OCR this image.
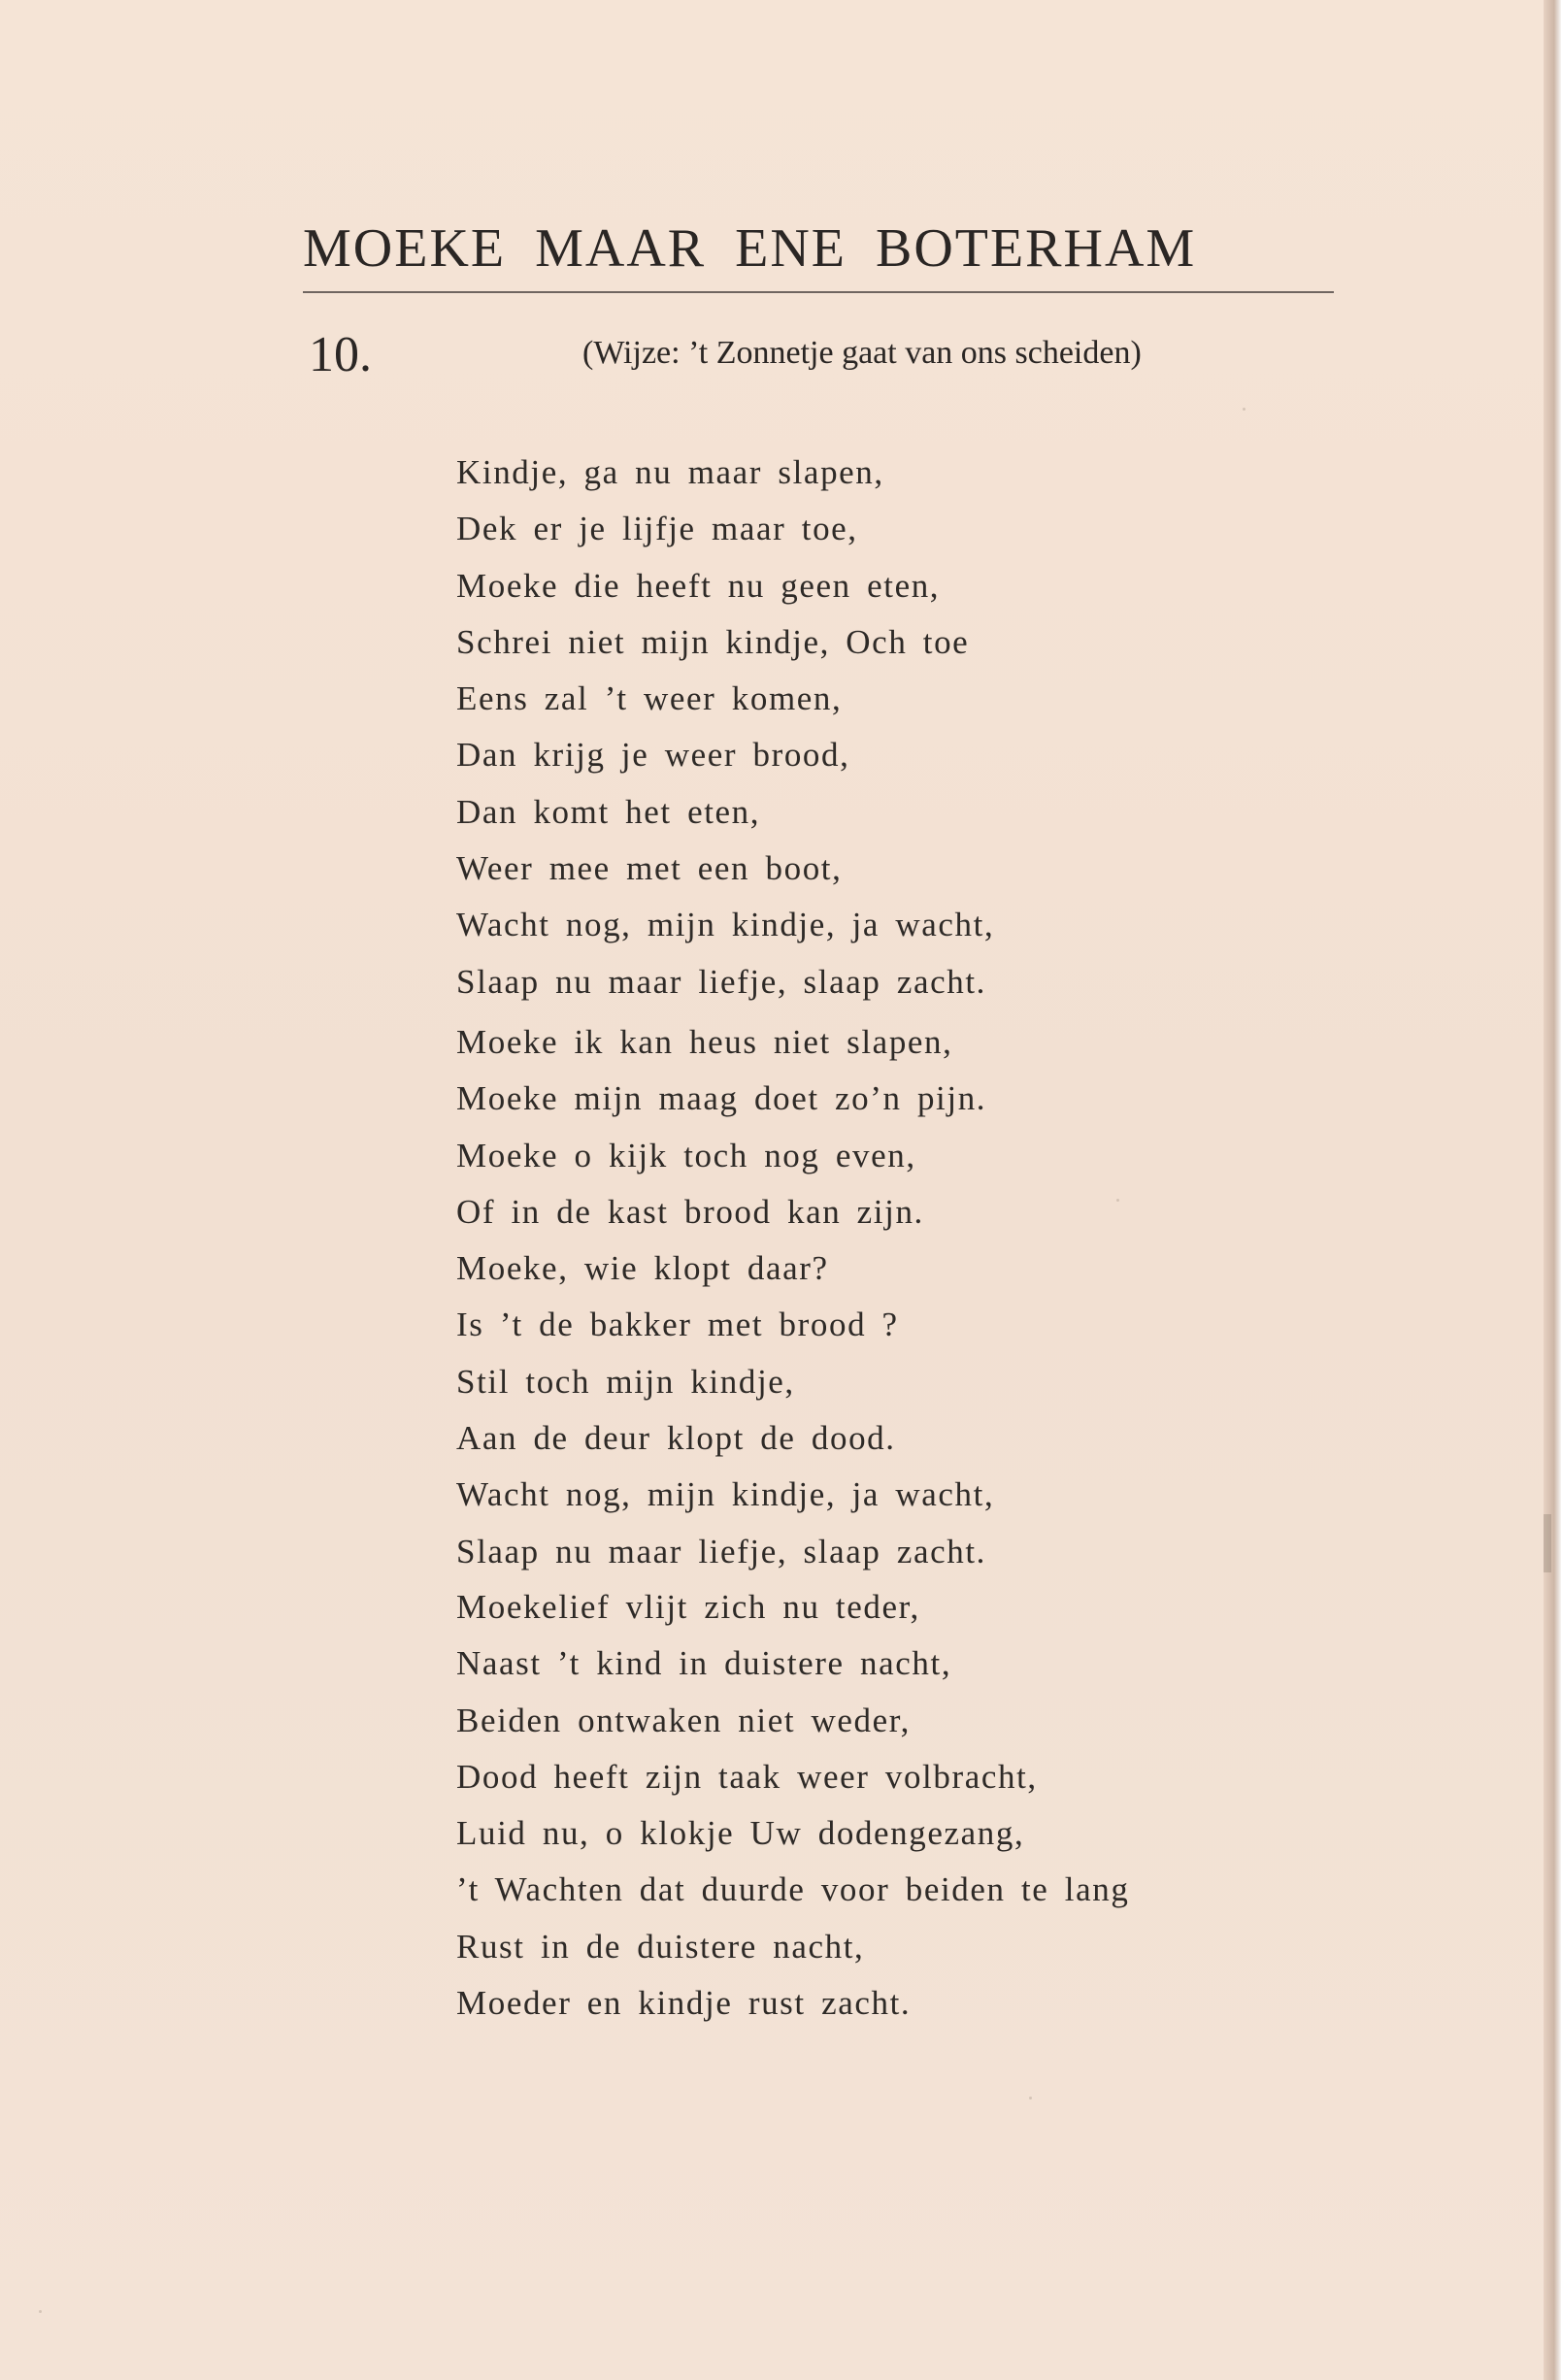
MOEKE MAAR ENE BOTERHAM
10.	(Wijze: ’t Zonnetje gaat van ons scheiden)
Kindje, ga nu maar slapen,
Dek er je lijfje maar toe,
Moeke die heeft nu geen eten,
Schrei niet mijn kindje, Och toe
Eens zal ’t weer komen,
Dan krijg je weer brood,
Dan komt het eten,
Weer mee met een boot,
Wacht nog, mijn kindje, ja wacht,
Slaap nu maar liefje, slaap zacht.
Moeke ik kan heus niet slapen,
Moeke mijn maag doet zo’n pijn.
Moeke o kijk toch nog even,
Of in de kast brood kan zijn.
Moeke, wie klopt daar?
Is ’t de bakker met brood ?
Stil toch mijn kindje,
Aan de deur klopt de dood.
Wacht nog, mijn kindje, ja wacht,
Slaap nu maar liefje, slaap zacht.
Moekelief vlijt zich nu teder,
Naast ’t kind in duistere nacht,
Beiden ontwaken niet weder,
Dood heeft zijn taak weer volbracht,
Luid nu, o klokje Uw dodengezang,
’t Wachten dat duurde voor beiden te lang
Rust in de duistere nacht,
Moeder en kindje rust zacht.
